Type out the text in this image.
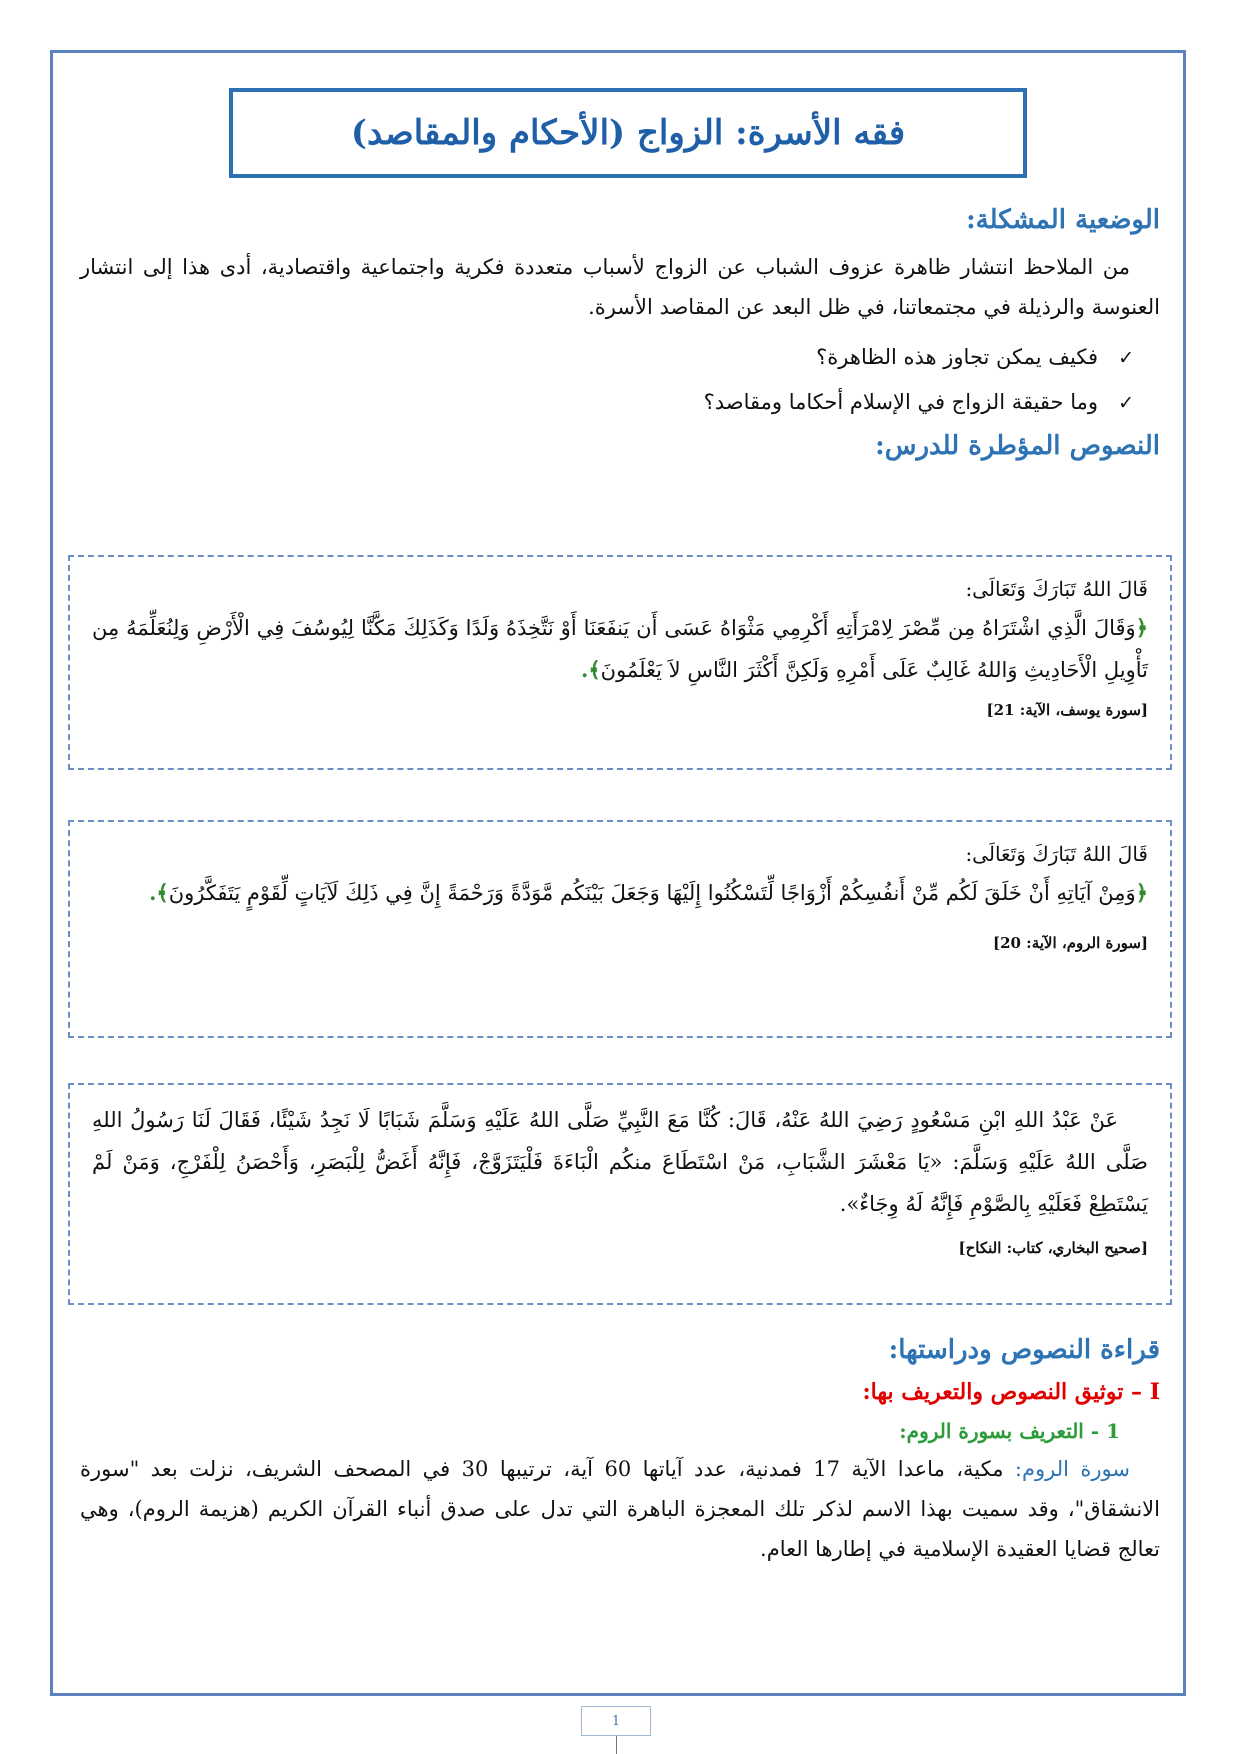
فقه الأسرة: الزواج (الأحكام والمقاصد)
الوضعية المشكلة:

من الملاحظ انتشار ظاهرة عزوف الشباب عن الزواج لأسباب متعددة فكرية واجتماعية واقتصادية، أدى هذا إلى انتشار العنوسة والرذيلة في مجتمعاتنا، في ظل البعد عن المقاصد الأسرة.

✓فكيف يمكن تجاوز هذه الظاهرة؟
✓وما حقيقة الزواج في الإسلام أحكاما ومقاصد؟
النصوص المؤطرة للدرس:

قَالَ اللهُ تَبَارَكَ وَتَعَالَى:

﴿وَقَالَ الَّذِي اشْتَرَاهُ مِن مِّصْرَ لِامْرَأَتِهِ أَكْرِمِي مَثْوَاهُ عَسَى أَن يَنفَعَنَا أَوْ نَتَّخِذَهُ وَلَدًا وَكَذَلِكَ مَكَّنَّا لِيُوسُفَ فِي الْأَرْضِ وَلِنُعَلِّمَهُ مِن تَأْوِيلِ الْأَحَادِيثِ وَاللهُ غَالِبٌ عَلَى أَمْرِهِ وَلَكِنَّ أَكْثَرَ النَّاسِ لاَ يَعْلَمُونَ﴾.

[سورة يوسف، الآية: 21]

قَالَ اللهُ تَبَارَكَ وَتَعَالَى:

﴿وَمِنْ آيَاتِهِ أَنْ خَلَقَ لَكُم مِّنْ أَنفُسِكُمْ أَزْوَاجًا لِّتَسْكُنُوا إِلَيْهَا وَجَعَلَ بَيْنَكُم مَّوَدَّةً وَرَحْمَةً إِنَّ فِي ذَلِكَ لَآيَاتٍ لِّقَوْمٍ يَتَفَكَّرُونَ﴾.

[سورة الروم، الآية: 20]

عَنْ عَبْدُ اللهِ ابْنِ مَسْعُودٍ رَضِيَ اللهُ عَنْهُ، قَالَ: كُنَّا مَعَ النَّبِيِّ صَلَّى اللهُ عَلَيْهِ وَسَلَّمَ شَبَابًا لَا نَجِدُ شَيْئًا، فَقَالَ لَنَا رَسُولُ اللهِ صَلَّى اللهُ عَلَيْهِ وَسَلَّمَ: «يَا مَعْشَرَ الشَّبَابِ، مَنْ اسْتَطَاعَ منكُم الْبَاءَةَ فَلْيَتَزَوَّجْ، فَإِنَّهُ أَغَضُّ لِلْبَصَرِ، وَأَحْصَنُ لِلْفَرْجِ، وَمَنْ لَمْ يَسْتَطِعْ فَعَلَيْهِ بِالصَّوْمِ فَإِنَّهُ لَهُ وِجَاءٌ».

[صحيح البخاري، كتاب: النكاح]
قراءة النصوص ودراستها:
I – توثيق النصوص والتعريف بها:
1 - التعريف بسورة الروم:

سورة الروم: مكية، ماعدا الآية 17 فمدنية، عدد آياتها 60 آية، ترتيبها 30 في المصحف الشريف، نزلت بعد "سورة الانشقاق"، وقد سميت بهذا الاسم لذكر تلك المعجزة الباهرة التي تدل على صدق أنباء القرآن الكريم (هزيمة الروم)، وهي تعالج قضايا العقيدة الإسلامية في إطارها العام.

1
